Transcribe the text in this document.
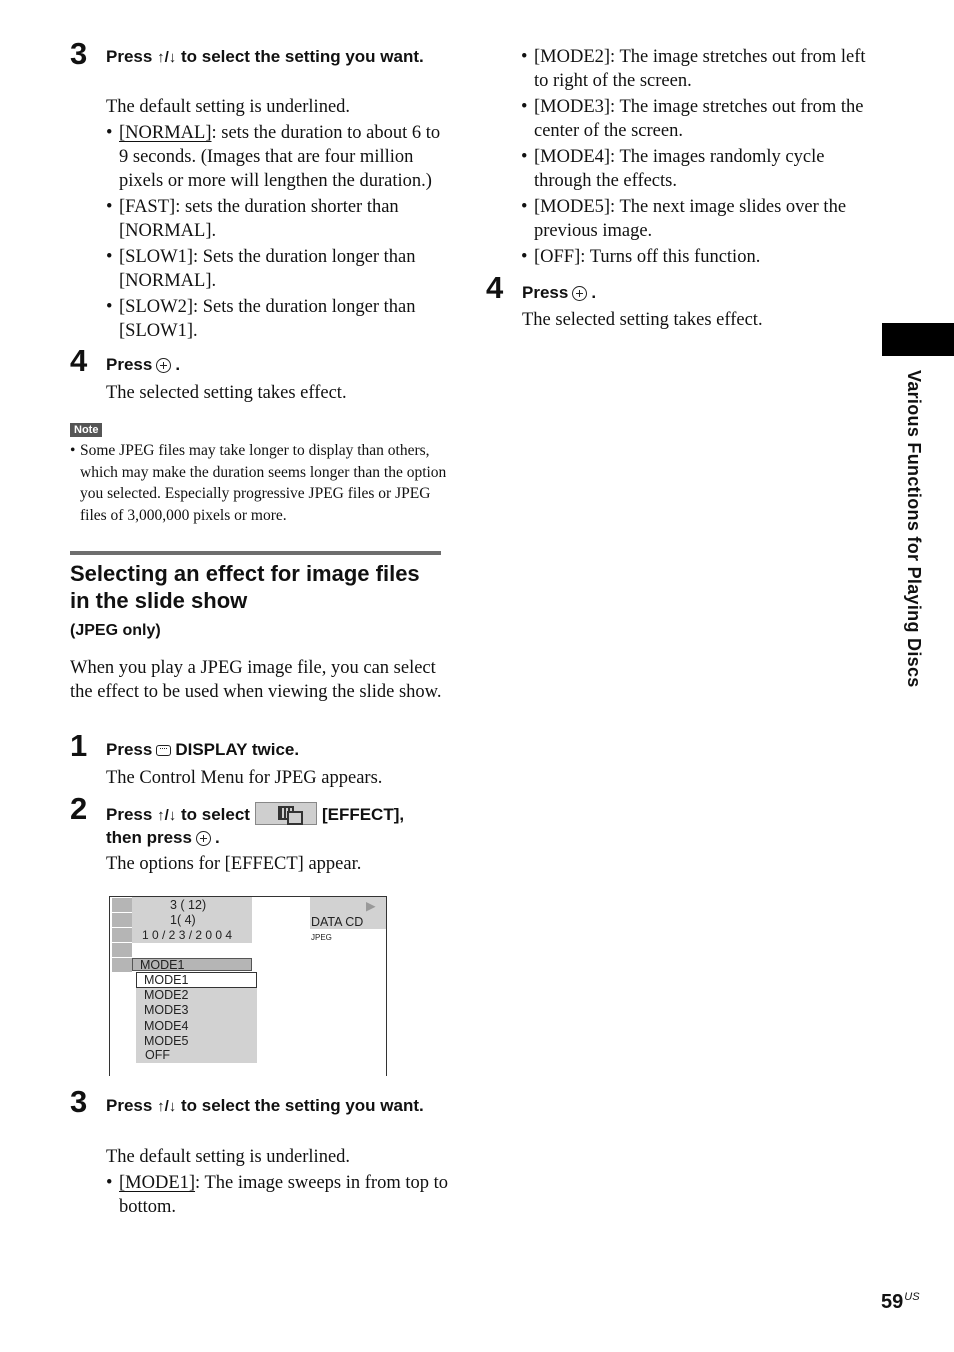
3 Press ↑/↓ to select the setting you want.
The default setting is underlined.
• [NORMAL]: sets the duration to about 6 to 9 seconds. (Images that are four million pixels or more will lengthen the duration.)
• [FAST]: sets the duration shorter than [NORMAL].
• [SLOW1]: Sets the duration longer than [NORMAL].
• [SLOW2]: Sets the duration longer than [SLOW1].
4 Press .
The selected setting takes effect.
Note
• Some JPEG files may take longer to display than others, which may make the duration seems longer than the option you selected. Especially progressive JPEG files or JPEG files of 3,000,000 pixels or more.
Selecting an effect for image files in the slide show
(JPEG only)
When you play a JPEG image file, you can select the effect to be used when viewing the slide show.
1 Press DISPLAY twice.
The Control Menu for JPEG appears.
2 Press ↑/↓ to select	[EFFECT],
then press .
The options for [EFFECT] appear.
3 ( 12)
1( 4)
1 0 / 2 3 / 2 0 0 4
▶
DATA CD JPEG
MODE1
MODE1
MODE2
MODE3
MODE4
MODE5
OFF
3 Press ↑/↓ to select the setting you want.
The default setting is underlined.
• [MODE1]: The image sweeps in from top to bottom.
• [MODE2]: The image stretches out from left to right of the screen.
• [MODE3]: The image stretches out from the center of the screen.
• [MODE4]: The images randomly cycle through the effects.
• [MODE5]: The next image slides over the previous image.
• [OFF]: Turns off this function.
4 Press .
The selected setting takes effect.
Various Functions for Playing Discs
$59^{US}$
